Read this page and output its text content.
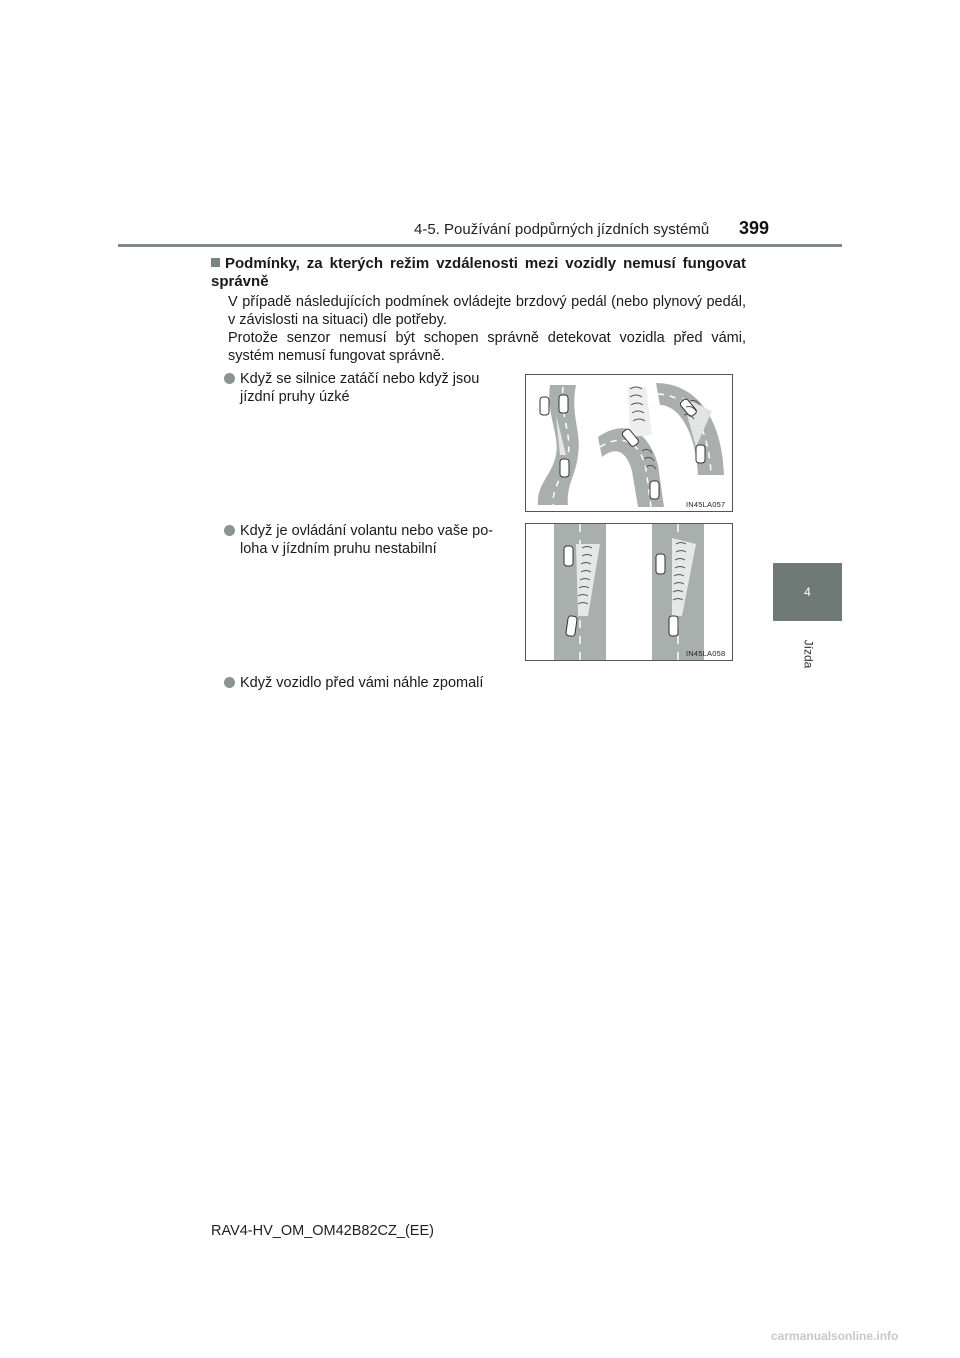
4-5. Používání podpůrných jízdních systémů 399
4
Jízda
Podmínky, za kterých režim vzdálenosti mezi vozidly nemusí fungovat správně

V případě následujících podmínek ovládejte brzdový pedál (nebo plynový pedál, v závislosti na situaci) dle potřeby.

Protože senzor nemusí být schopen správně detekovat vozidla před vámi, systém nemusí fungovat správně.

Když se silnice zatáčí nebo když jsou
jízdní pruhy úzké
IN45LA057
Když je ovládání volantu nebo vaše po-
loha v jízdním pruhu nestabilní
IN45LA058
Když vozidlo před vámi náhle zpomalí
RAV4-HV_OM_OM42B82CZ_(EE)
carmanualsonline.info
